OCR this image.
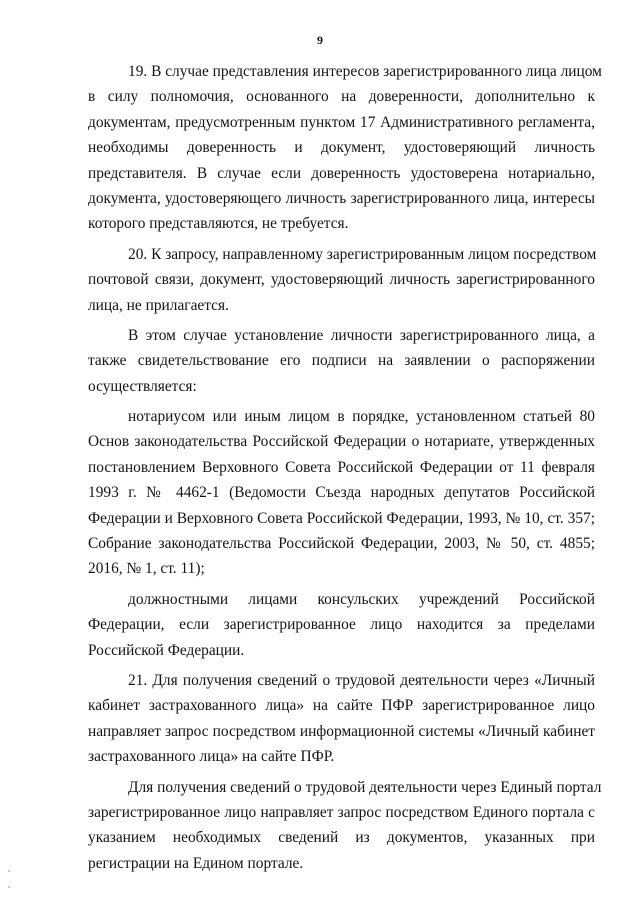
9
19. В случае представления интересов зарегистрированного лица лицом
в силу полномочия, основанного на доверенности, дополнительно к
документам, предусмотренным пунктом 17 Административного регламента,
необходимы доверенность и документ, удостоверяющий личность
представителя. В случае если доверенность удостоверена нотариально,
документа, удостоверяющего личность зарегистрированного лица, интересы
которого представляются, не требуется.
20. К запросу, направленному зарегистрированным лицом посредством
почтовой связи, документ, удостоверяющий личность зарегистрированного
лица, не прилагается.
В этом случае установление личности зарегистрированного лица, а
также свидетельствование его подписи на заявлении о распоряжении
осуществляется:
нотариусом или иным лицом в порядке, установленном статьей 80
Основ законодательства Российской Федерации о нотариате, утвержденных
постановлением Верховного Совета Российской Федерации от 11 февраля
1993 г. № 4462-1 (Ведомости Съезда народных депутатов Российской
Федерации и Верховного Совета Российской Федерации, 1993, № 10, ст. 357;
Собрание законодательства Российской Федерации, 2003, № 50, ст. 4855;
2016, № 1, ст. 11);
должностными лицами консульских учреждений Российской
Федерации, если зарегистрированное лицо находится за пределами
Российской Федерации.
21. Для получения сведений о трудовой деятельности через «Личный
кабинет застрахованного лица» на сайте ПФР зарегистрированное лицо
направляет запрос посредством информационной системы «Личный кабинет
застрахованного лица» на сайте ПФР.
Для получения сведений о трудовой деятельности через Единый портал
зарегистрированное лицо направляет запрос посредством Единого портала с
указанием необходимых сведений из документов, указанных при
регистрации на Едином портале.
